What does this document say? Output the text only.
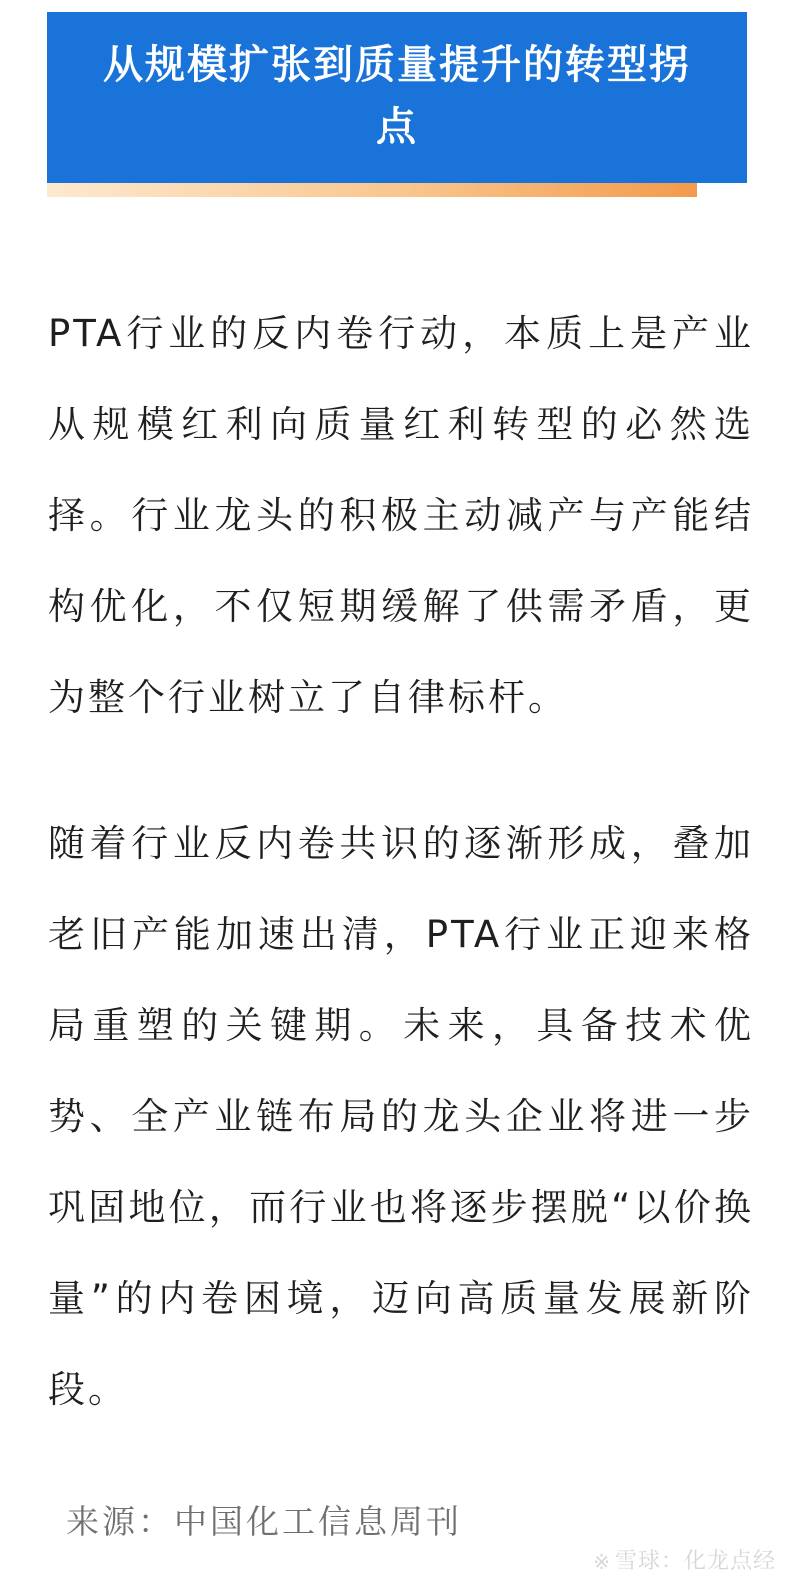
从规模扩张到质量提升的转型拐点

PTA行业的反内卷行动，本质上是产业从规模红利向质量红利转型的必然选择。行业龙头的积极主动减产与产能结构优化，不仅短期缓解了供需矛盾，更为整个行业树立了自律标杆。

随着行业反内卷共识的逐渐形成，叠加老旧产能加速出清，PTA行业正迎来格局重塑的关键期。未来，具备技术优势、全产业链布局的龙头企业将进一步巩固地位，而行业也将逐步摆脱“以价换量”的内卷困境，迈向高质量发展新阶段。

来源：中国化工信息周刊
※ 雪球：化龙点经
